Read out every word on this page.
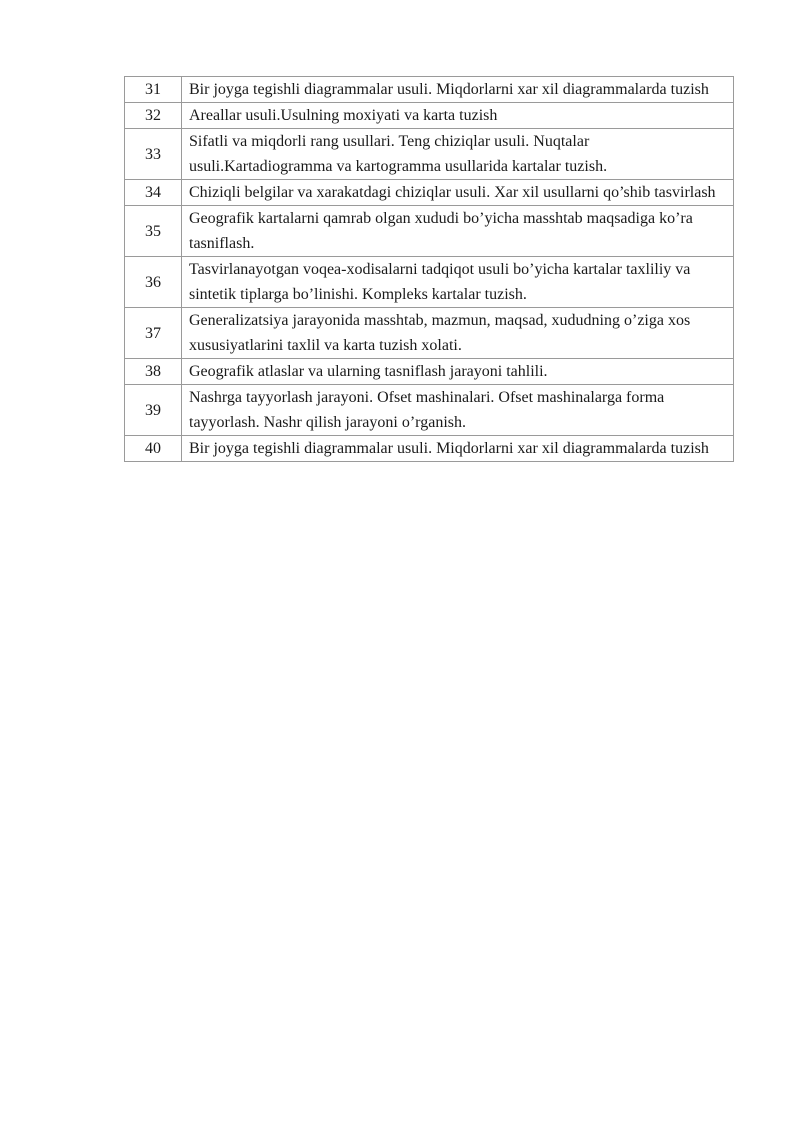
31	Bir joyga tegishli diagrammalar usuli. Miqdorlarni xar xil diagrammalarda tuzish
32	Areallar usuli.Usulning moxiyati va karta tuzish
33	Sifatli va miqdorli rang usullari. Teng chiziqlar usuli. Nuqtalar usuli.Kartadiogramma va kartogramma usullarida kartalar tuzish.
34	Chiziqli belgilar va xarakatdagi chiziqlar usuli. Xar xil usullarni qo’shib tasvirlash
35	Geografik kartalarni qamrab olgan xududi bo’yicha masshtab maqsadiga ko’ra tasniflash.
36	Tasvirlanayotgan voqea-xodisalarni tadqiqot usuli bo’yicha kartalar taxliliy va sintetik tiplarga bo’linishi. Kompleks kartalar tuzish.
37	Generalizatsiya jarayonida masshtab, mazmun, maqsad, xududning o’ziga xos xususiyatlarini taxlil va karta tuzish xolati.
38	Geografik atlaslar va ularning tasniflash jarayoni tahlili.
39	Nashrga tayyorlash jarayoni. Ofset mashinalari. Ofset mashinalarga forma tayyorlash. Nashr qilish jarayoni o’rganish.
40	Bir joyga tegishli diagrammalar usuli. Miqdorlarni xar xil diagrammalarda tuzish
